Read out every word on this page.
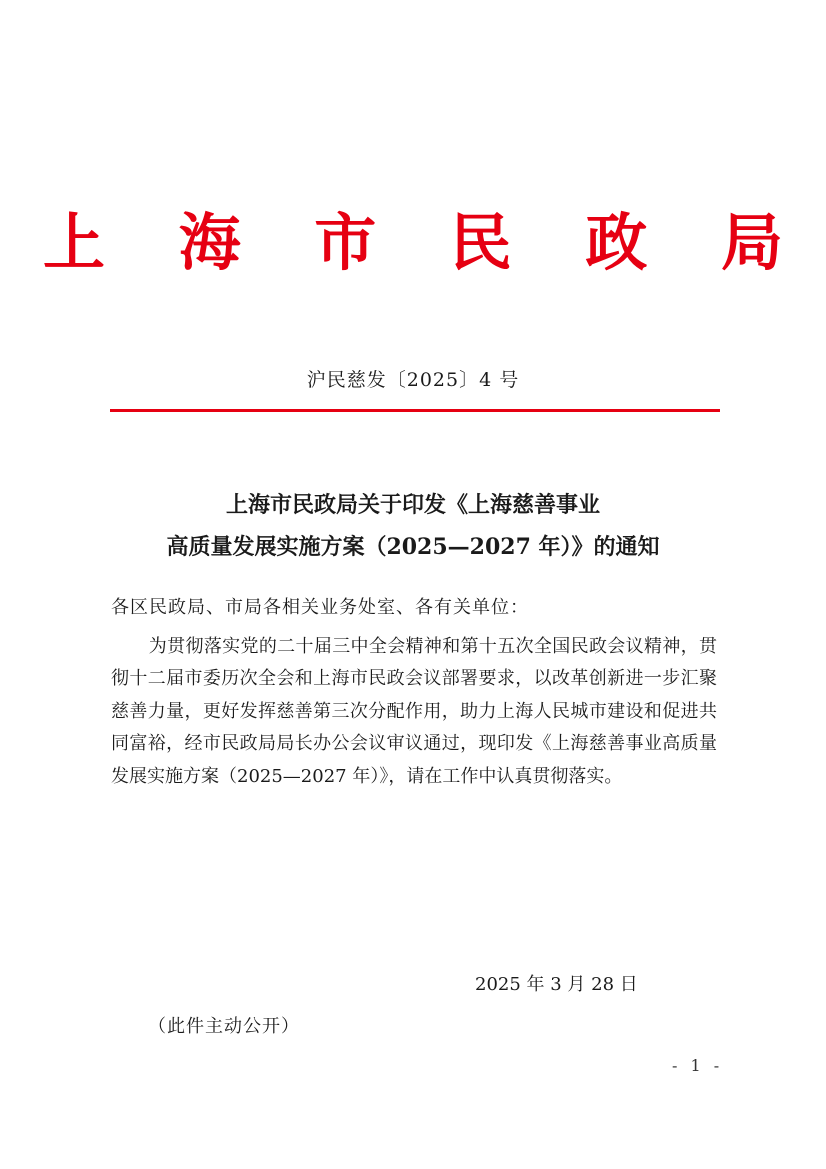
上 海 市 民 政 局
沪民慈发〔2025〕4 号
上海市民政局关于印发《上海慈善事业
高质量发展实施方案（2025—2027 年）》的通知
各区民政局、市局各相关业务处室、各有关单位：
为贯彻落实党的二十届三中全会精神和第十五次全国民政会议精神，贯彻十二届市委历次全会和上海市民政会议部署要求，以改革创新进一步汇聚慈善力量，更好发挥慈善第三次分配作用，助力上海人民城市建设和促进共同富裕，经市民政局局长办公会议审议通过，现印发《上海慈善事业高质量发展实施方案（2025—2027 年）》，请在工作中认真贯彻落实。
2025 年 3 月 28 日
（此件主动公开）
- 1 -
